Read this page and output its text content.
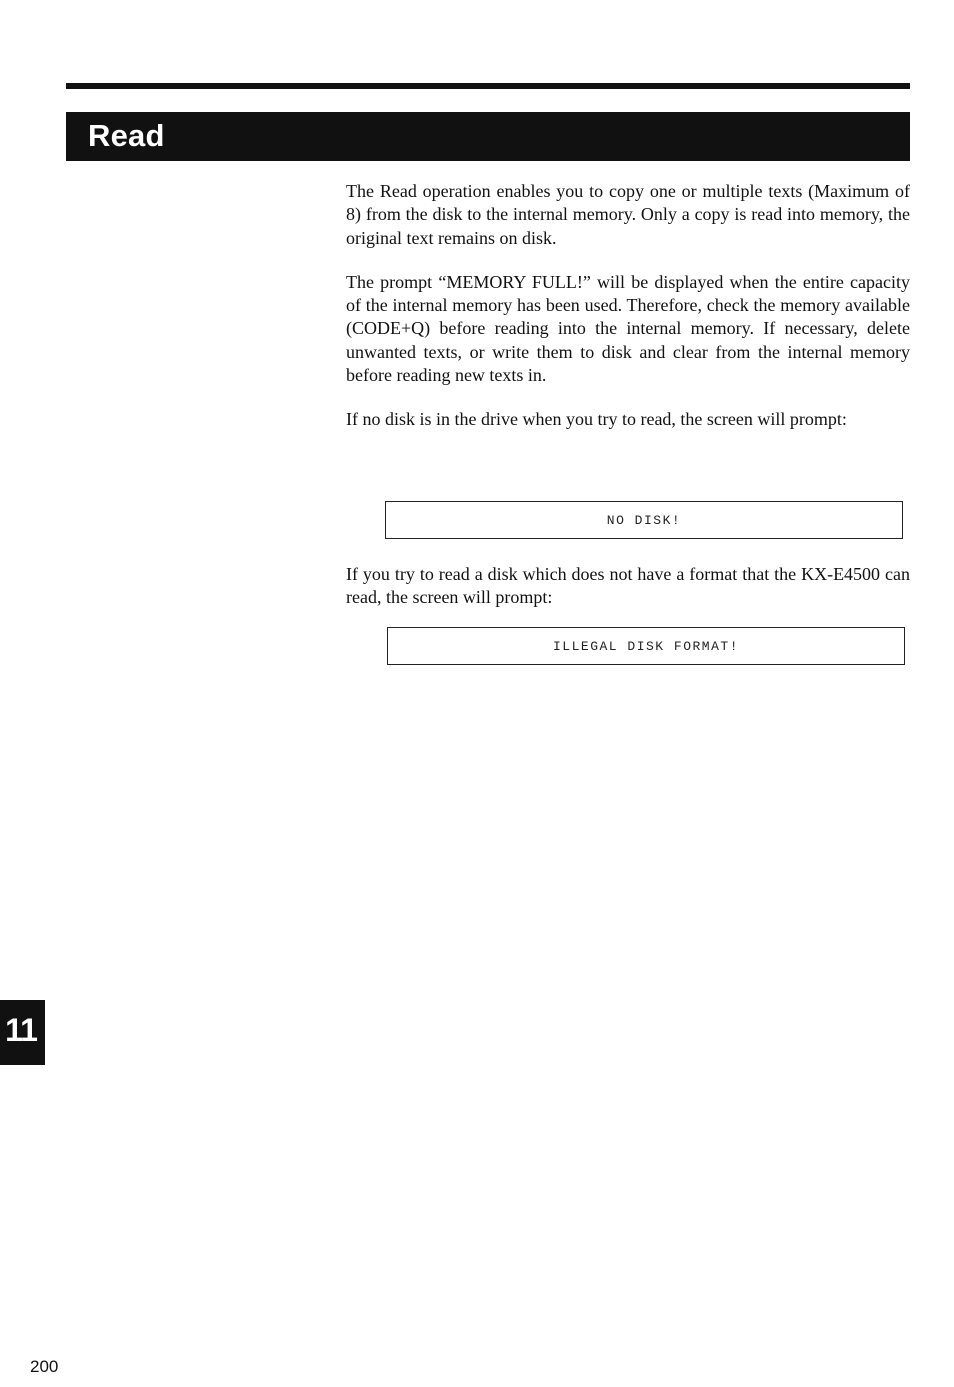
Read

The Read operation enables you to copy one or multiple texts (Maximum of 8) from the disk to the internal memory. Only a copy is read into memory, the original text remains on disk.

The prompt “MEMORY FULL!” will be displayed when the entire capacity of the internal memory has been used. Therefore, check the memory available (CODE+Q) before reading into the internal memory. If necessary, delete unwanted texts, or write them to disk and clear from the internal memory before reading new texts in.

If no disk is in the drive when you try to read, the screen will prompt:

NO DISK!

If you try to read a disk which does not have a format that the KX-E4500 can read, the screen will prompt:

ILLEGAL DISK FORMAT!
11
200
